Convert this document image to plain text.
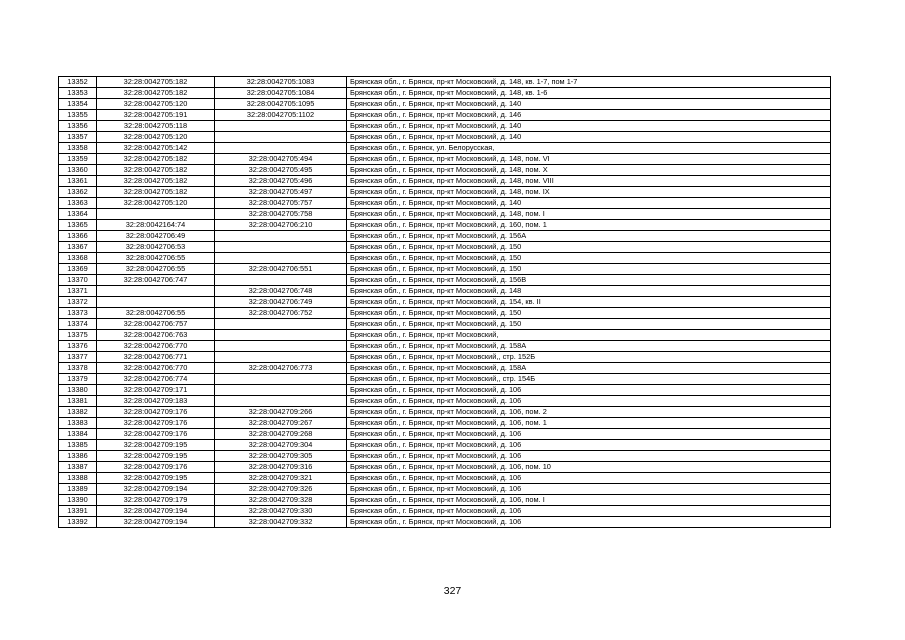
13352	32:28:0042705:182	32:28:0042705:1083	Брянская обл., г. Брянск, пр-кт Московский, д. 148, кв. 1-7, пом 1-7
13353	32:28:0042705:182	32:28:0042705:1084	Брянская обл., г. Брянск, пр-кт Московский, д. 148, кв. 1-6
13354	32:28:0042705:120	32:28:0042705:1095	Брянская обл., г. Брянск, пр-кт Московский, д. 140
13355	32:28:0042705:191	32:28:0042705:1102	Брянская обл., г. Брянск, пр-кт Московский, д. 146
13356	32:28:0042705:118		Брянская обл., г. Брянск, пр-кт Московский, д. 140
13357	32:28:0042705:120		Брянская обл., г. Брянск, пр-кт Московский, д. 140
13358	32:28:0042705:142		Брянская обл., г. Брянск, ул. Белорусская,
13359	32:28:0042705:182	32:28:0042705:494	Брянская обл., г. Брянск, пр-кт Московский, д. 148, пом. VI
13360	32:28:0042705:182	32:28:0042705:495	Брянская обл., г. Брянск, пр-кт Московский, д. 148, пом. X
13361	32:28:0042705:182	32:28:0042705:496	Брянская обл., г. Брянск, пр-кт Московский, д. 148, пом. VIII
13362	32:28:0042705:182	32:28:0042705:497	Брянская обл., г. Брянск, пр-кт Московский, д. 148, пом. IX
13363	32:28:0042705:120	32:28:0042705:757	Брянская обл., г. Брянск, пр-кт Московский, д. 140
13364		32:28:0042705:758	Брянская обл., г. Брянск, пр-кт Московский, д. 148, пом. I
13365	32:28:0042164:74	32:28:0042706:210	Брянская обл., г. Брянск, пр-кт Московский, д. 160, пом. 1
13366	32:28:0042706:49		Брянская обл., г. Брянск, пр-кт Московский, д. 156А
13367	32:28:0042706:53		Брянская обл., г. Брянск, пр-кт Московский, д. 150
13368	32:28:0042706:55		Брянская обл., г. Брянск, пр-кт Московский, д. 150
13369	32:28:0042706:55	32:28:0042706:551	Брянская обл., г. Брянск, пр-кт Московский, д. 150
13370	32:28:0042706:747		Брянская обл., г. Брянск, пр-кт Московский, д. 156В
13371		32:28:0042706:748	Брянская обл., г. Брянск, пр-кт Московский, д. 148
13372		32:28:0042706:749	Брянская обл., г. Брянск, пр-кт Московский, д. 154, кв. II
13373	32:28:0042706:55	32:28:0042706:752	Брянская обл., г. Брянск, пр-кт Московский, д. 150
13374	32:28:0042706:757		Брянская обл., г. Брянск, пр-кт Московский, д. 150
13375	32:28:0042706:763		Брянская обл., г. Брянск, пр-кт Московский,
13376	32:28:0042706:770		Брянская обл., г. Брянск, пр-кт Московский, д. 158А
13377	32:28:0042706:771		Брянская обл., г. Брянск, пр-кт Московский,, стр. 152Б
13378	32:28:0042706:770	32:28:0042706:773	Брянская обл., г. Брянск, пр-кт Московский, д. 158А
13379	32:28:0042706:774		Брянская обл., г. Брянск, пр-кт Московский,, стр. 154Б
13380	32:28:0042709:171		Брянская обл., г. Брянск, пр-кт Московский, д. 106
13381	32:28:0042709:183		Брянская обл., г. Брянск, пр-кт Московский, д. 106
13382	32:28:0042709:176	32:28:0042709:266	Брянская обл., г. Брянск, пр-кт Московский, д. 106, пом. 2
13383	32:28:0042709:176	32:28:0042709:267	Брянская обл., г. Брянск, пр-кт Московский, д. 106, пом. 1
13384	32:28:0042709:176	32:28:0042709:268	Брянская обл., г. Брянск, пр-кт Московский, д. 106
13385	32:28:0042709:195	32:28:0042709:304	Брянская обл., г. Брянск, пр-кт Московский, д. 106
13386	32:28:0042709:195	32:28:0042709:305	Брянская обл., г. Брянск, пр-кт Московский, д. 106
13387	32:28:0042709:176	32:28:0042709:316	Брянская обл., г. Брянск, пр-кт Московский, д. 106, пом. 10
13388	32:28:0042709:195	32:28:0042709:321	Брянская обл., г. Брянск, пр-кт Московский, д. 106
13389	32:28:0042709:194	32:28:0042709:326	Брянская обл., г. Брянск, пр-кт Московский, д. 106
13390	32:28:0042709:179	32:28:0042709:328	Брянская обл., г. Брянск, пр-кт Московский, д. 106, пом. I
13391	32:28:0042709:194	32:28:0042709:330	Брянская обл., г. Брянск, пр-кт Московский, д. 106
13392	32:28:0042709:194	32:28:0042709:332	Брянская обл., г. Брянск, пр-кт Московский, д. 106
327
